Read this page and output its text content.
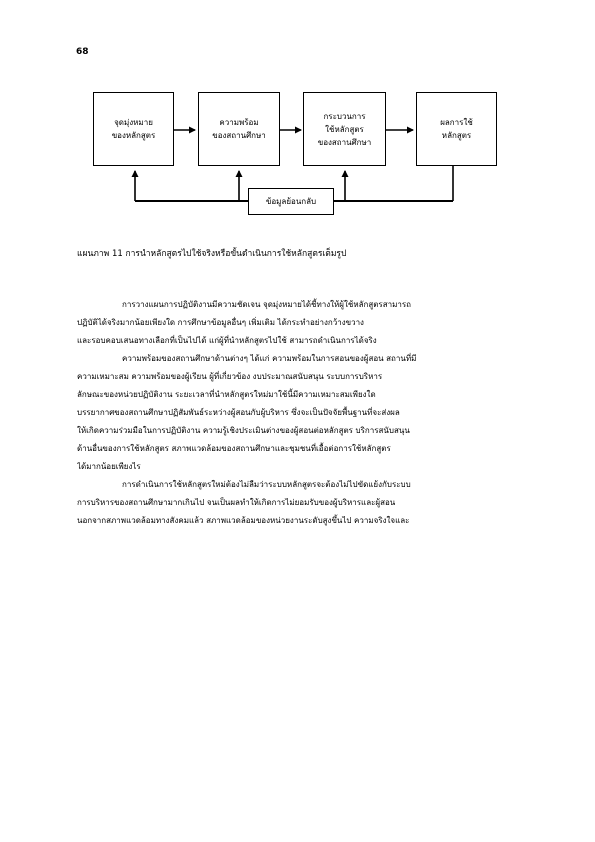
68
จุดมุ่งหมาย
ของหลักสูตร
ความพร้อม
ของสถานศึกษา
กระบวนการ
ใช้หลักสูตร
ของสถานศึกษา
ผลการใช้
หลักสูตร
ข้อมูลย้อนกลับ
แผนภาพ 11 การนำหลักสูตรไปใช้จริงหรือขั้นดำเนินการใช้หลักสูตรเต็มรูป
การวางแผนการปฏิบัติงานมีความชัดเจน จุดมุ่งหมายได้ชี้ทางให้ผู้ใช้หลักสูตรสามารถ
ปฏิบัติได้จริงมากน้อยเพียงใด การศึกษาข้อมูลอื่นๆ เพิ่มเติม ได้กระทำอย่างกว้างขวาง
และรอบคอบเสนอทางเลือกที่เป็นไปได้ แก่ผู้ที่นำหลักสูตรไปใช้ สามารถดำเนินการได้จริง
ความพร้อมของสถานศึกษาด้านต่างๆ ได้แก่ ความพร้อมในการสอนของผู้สอน สถานที่มี
ความเหมาะสม ความพร้อมของผู้เรียน ผู้ที่เกี่ยวข้อง งบประมาณสนับสนุน ระบบการบริหาร
ลักษณะของหน่วยปฏิบัติงาน ระยะเวลาที่นำหลักสูตรใหม่มาใช้นี้มีความเหมาะสมเพียงใด
บรรยากาศของสถานศึกษาปฏิสัมพันธ์ระหว่างผู้สอนกับผู้บริหาร ซึ่งจะเป็นปัจจัยพื้นฐานที่จะส่งผล
ให้เกิดความร่วมมือในการปฏิบัติงาน ความรู้เชิงประเมินต่างของผู้สอนต่อหลักสูตร บริการสนับสนุน
ด้านอื่นของการใช้หลักสูตร สภาพแวดล้อมของสถานศึกษาและชุมชนที่เอื้อต่อการใช้หลักสูตร
ได้มากน้อยเพียงไร
การดำเนินการใช้หลักสูตรใหม่ต้องไม่ลืมว่าระบบหลักสูตรจะต้องไม่ไปขัดแย้งกับระบบ
การบริหารของสถานศึกษามากเกินไป จนเป็นผลทำให้เกิดการไม่ยอมรับของผู้บริหารและผู้สอน
นอกจากสภาพแวดล้อมทางสังคมแล้ว สภาพแวดล้อมของหน่วยงานระดับสูงขึ้นไป ความจริงใจและ
